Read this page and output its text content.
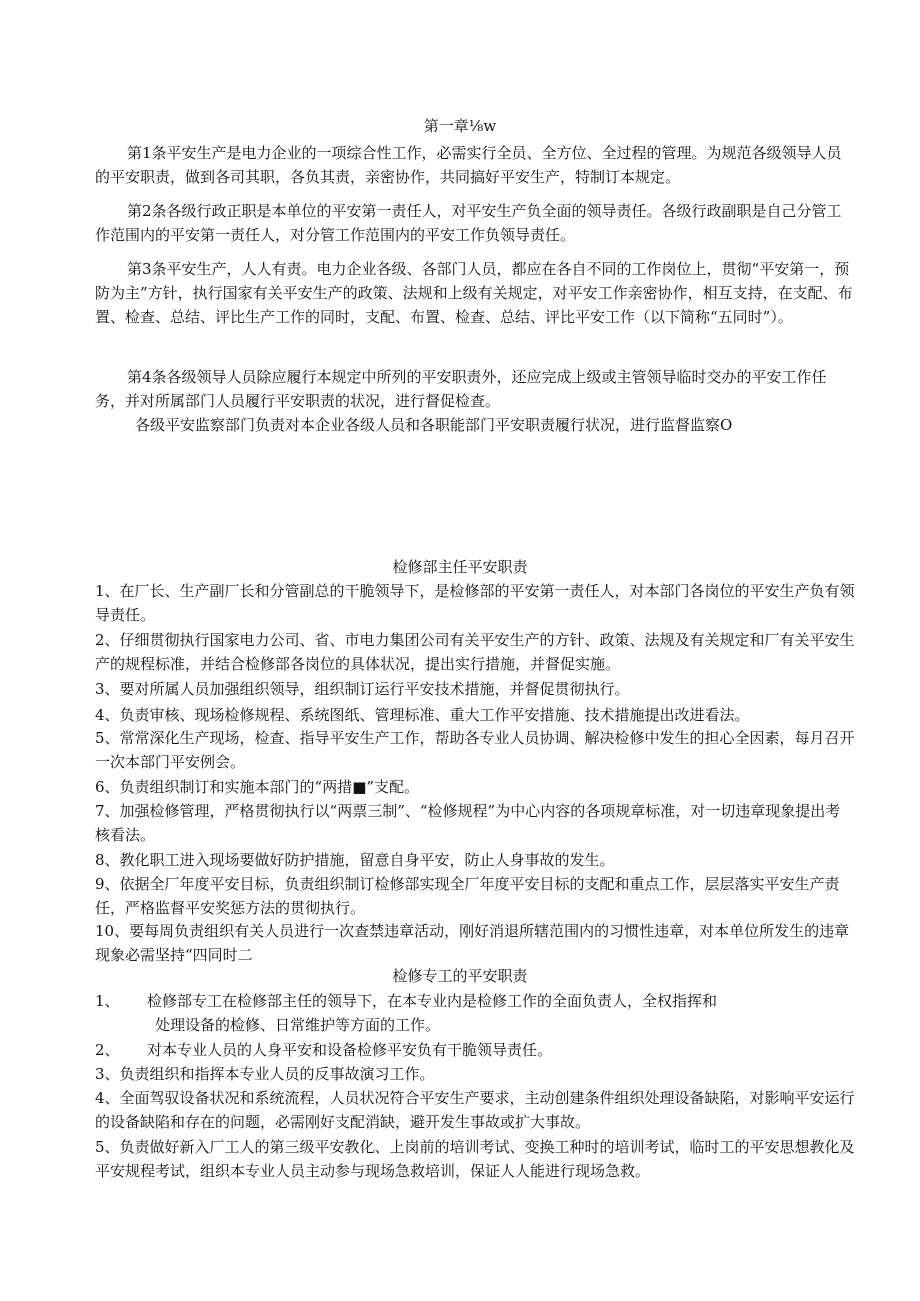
第一章⅛w

第1条平安生产是电力企业的一项综合性工作，必需实行全员、全方位、全过程的管理。为规范各级领导人员的平安职责，做到各司其职，各负其责，亲密协作，共同搞好平安生产，特制订本规定。

第2条各级行政正职是本单位的平安第一责任人，对平安生产负全面的领导责任。各级行政副职是自己分管工作范围内的平安第一责任人，对分管工作范围内的平安工作负领导责任。

第3条平安生产，人人有责。电力企业各级、各部门人员，都应在各自不同的工作岗位上，贯彻“平安第一，预防为主”方针，执行国家有关平安生产的政策、法规和上级有关规定，对平安工作亲密协作，相互支持，在支配、布置、检查、总结、评比生产工作的同时，支配、布置、检查、总结、评比平安工作（以下简称“五同时”）。

第4条各级领导人员除应履行本规定中所列的平安职责外，还应完成上级或主管领导临时交办的平安工作任务，并对所属部门人员履行平安职责的状况，进行督促检查。

各级平安监察部门负责对本企业各级人员和各职能部门平安职责履行状况，进行监督监察O

检修部主任平安职责

1、在厂长、生产副厂长和分管副总的干脆领导下，是检修部的平安第一责任人，对本部门各岗位的平安生产负有领导责任。

2、仔细贯彻执行国家电力公司、省、市电力集团公司有关平安生产的方针、政策、法规及有关规定和厂有关平安生产的规程标准，并结合检修部各岗位的具体状况，提出实行措施，并督促实施。

3、要对所属人员加强组织领导，组织制订运行平安技术措施，并督促贯彻执行。

4、负责审核、现场检修规程、系统图纸、管理标准、重大工作平安措施、技术措施提出改进看法。

5、常常深化生产现场，检查、指导平安生产工作，帮助各专业人员协调、解决检修中发生的担心全因素，每月召开一次本部门平安例会。

6、负责组织制订和实施本部门的“两措■”支配。

7、加强检修管理，严格贯彻执行以“两票三制”、“检修规程”为中心内容的各项规章标准，对一切违章现象提出考核看法。

8、教化职工进入现场要做好防护措施，留意自身平安，防止人身事故的发生。

9、依据全厂年度平安目标，负责组织制订检修部实现全厂年度平安目标的支配和重点工作，层层落实平安生产责任，严格监督平安奖惩方法的贯彻执行。

10、要每周负责组织有关人员进行一次查禁违章活动，刚好消退所辖范围内的习惯性违章，对本单位所发生的违章现象必需坚持“四同时二

检修专工的平安职责
1、 检修部专工在检修部主任的领导下，在本专业内是检修工作的全面负责人，全权指挥和
处理设备的检修、日常维护等方面的工作。
2、 对本专业人员的人身平安和设备检修平安负有干脆领导责任。

3、负责组织和指挥本专业人员的反事故演习工作。

4、全面驾驭设备状况和系统流程，人员状况符合平安生产要求，主动创建条件组织处理设备缺陷，对影响平安运行的设备缺陷和存在的问题，必需刚好支配消缺，避开发生事故或扩大事故。

5、负责做好新入厂工人的第三级平安教化、上岗前的培训考试、变换工种时的培训考试，临时工的平安思想教化及平安规程考试，组织本专业人员主动参与现场急救培训，保证人人能进行现场急救。
